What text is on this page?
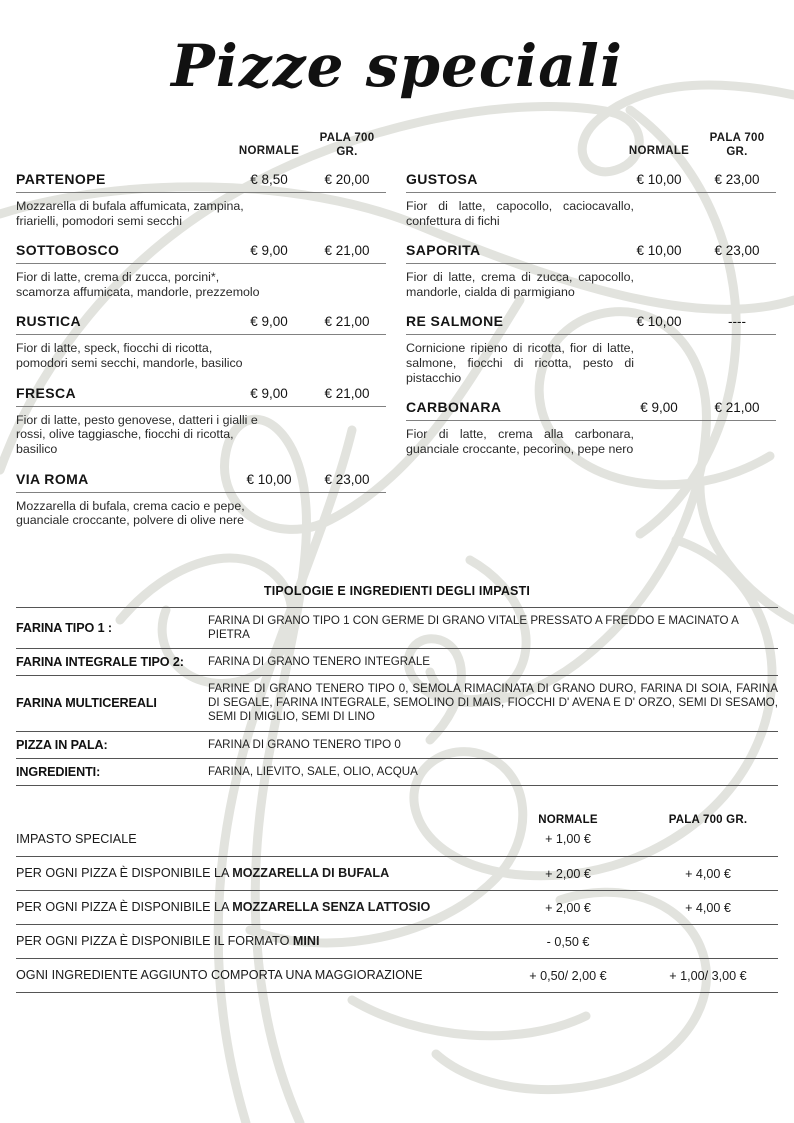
Pizze speciali
NORMALE
PALA 700 GR.
PARTENOPE	€ 8,50	€ 20,00
Mozzarella di bufala affumicata, zampina, friarielli, pomodori semi secchi
SOTTOBOSCO	€ 9,00	€ 21,00
Fior di latte, crema di zucca, porcini*, scamorza affumicata, mandorle, prezzemolo
RUSTICA	€ 9,00	€ 21,00
Fior di latte, speck, fiocchi di ricotta, pomodori semi secchi, mandorle, basilico
FRESCA	€ 9,00	€ 21,00
Fior di latte, pesto genovese, datteri i gialli e rossi, olive taggiasche, fiocchi di ricotta, basilico
VIA ROMA	€ 10,00	€ 23,00
Mozzarella di bufala, crema cacio e pepe, guanciale croccante, polvere di olive nere
NORMALE
PALA 700 GR.
GUSTOSA	€ 10,00	€ 23,00
Fior di latte, capocollo, caciocavallo, confettura di fichi
SAPORITA	€ 10,00	€ 23,00
Fior di latte, crema di zucca, capocollo, mandorle, cialda di parmigiano
RE SALMONE	€ 10,00	----
Cornicione ripieno di ricotta, fior di latte, salmone, fiocchi di ricotta, pesto di pistacchio
CARBONARA	€ 9,00	€ 21,00
Fior di latte, crema alla carbonara, guanciale croccante, pecorino, pepe nero
TIPOLOGIE E INGREDIENTI DEGLI IMPASTI
FARINA TIPO 1 :	FARINA DI GRANO TIPO 1 CON GERME DI GRANO VITALE PRESSATO A FREDDO E MACINATO A PIETRA
FARINA INTEGRALE TIPO 2:	FARINA DI GRANO TENERO INTEGRALE
FARINA MULTICEREALI	FARINE DI GRANO TENERO TIPO 0, SEMOLA RIMACINATA DI GRANO DURO, FARINA DI SOIA, FARINA DI SEGALE, FARINA INTEGRALE, SEMOLINO DI MAIS, FIOCCHI D' AVENA E D' ORZO, SEMI DI SESAMO, SEMI DI MIGLIO, SEMI DI LINO
PIZZA IN PALA:	FARINA DI GRANO TENERO TIPO 0
INGREDIENTI:	FARINA, LIEVITO, SALE, OLIO, ACQUA
NORMALE	PALA 700 GR.
IMPASTO SPECIALE	+ 1,00 €	
PER OGNI PIZZA È DISPONIBILE LA MOZZARELLA DI BUFALA	+ 2,00 €	+ 4,00 €
PER OGNI PIZZA È DISPONIBILE LA MOZZARELLA SENZA LATTOSIO	+ 2,00 €	+ 4,00 €
PER OGNI PIZZA È DISPONIBILE IL FORMATO MINI	- 0,50 €	
OGNI INGREDIENTE AGGIUNTO COMPORTA UNA MAGGIORAZIONE	+ 0,50/ 2,00 €	+ 1,00/ 3,00 €
